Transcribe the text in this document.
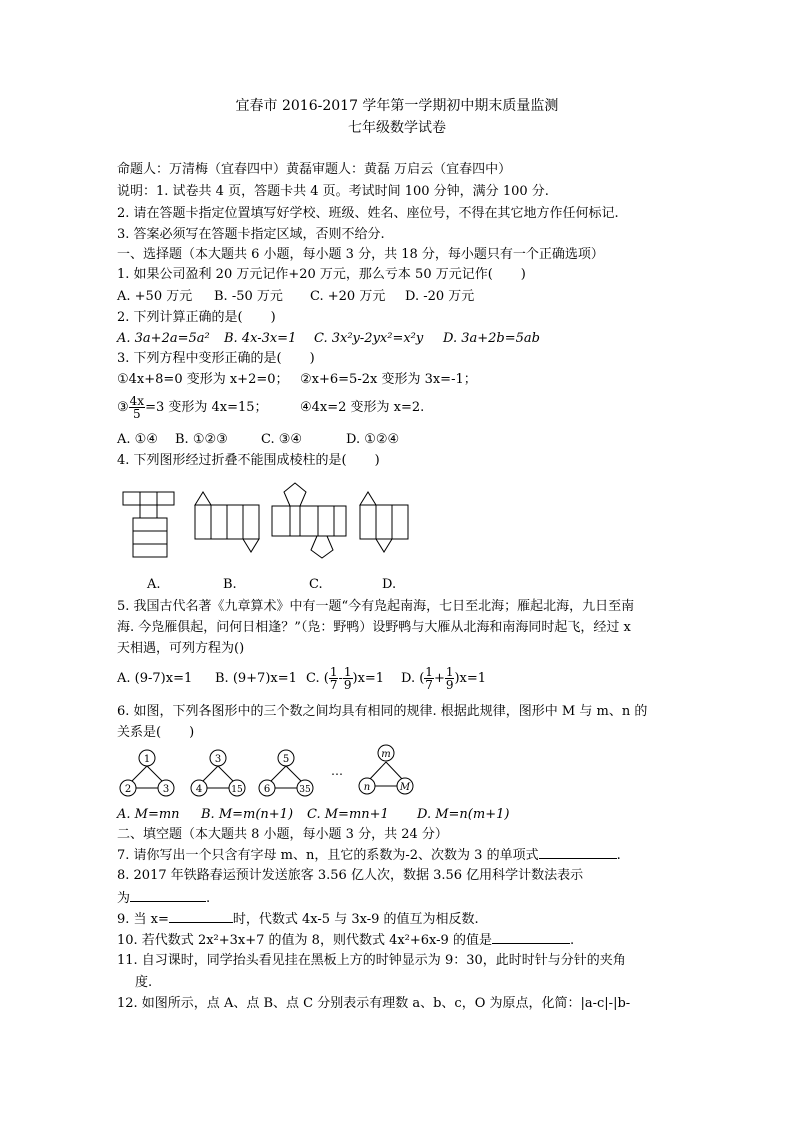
宜春市 2016-2017 学年第一学期初中期末质量监测
七年级数学试卷
命题人：万清梅（宜春四中）黄磊审题人：黄磊 万启云（宜春四中）
说明：1. 试卷共 4 页，答题卡共 4 页。考试时间 100 分钟，满分 100 分.
2. 请在答题卡指定位置填写好学校、班级、姓名、座位号，不得在其它地方作任何标记.
3. 答案必须写在答题卡指定区域，否则不给分.
一、选择题（本大题共 6 小题，每小题 3 分，共 18 分，每小题只有一个正确选项）
1. 如果公司盈利 20 万元记作+20 万元，那么亏本 50 万元记作( )
A. +50 万元 B. -50 万元 C. +20 万元 D. -20 万元
2. 下列计算正确的是( )
A. 3a+2a=5a² B. 4x-3x=1 C. 3x²y-2yx²=x²y D. 3a+2b=5ab
3. 下列方程中变形正确的是( )
①4x+8=0 变形为 x+2=0； ②x+6=5-2x 变形为 3x=-1；
③ $\frac{4x}{5} =3$ 变形为 4x=15； ④4x=2 变形为 x=2.
A. ①④ B. ①②③	C. ③④	D. ①②④
4. 下列图形经过折叠不能围成棱柱的是( )
1
2	3
3
4	15
5
6	35
…
m
n	M
A.	B.	C.	D.
5. 我国古代名著《九章算术》中有一题“今有凫起南海，七日至北海；雁起北海，九日至南
海. 今凫雁俱起，问何日相逢？”（凫：野鸭）设野鸭与大雁从北海和南海同时起飞，经过 x
天相遇，可列方程为()
A. (9-7)x=1 B. (9+7)x=1 C. ( $\frac{1}{7} - \frac{1}{9} )x=1$ D. ( $\frac{1}{7} + \frac{1}{9} )x=1$
6. 如图，下列各图形中的三个数之间均具有相同的规律. 根据此规律，图形中 M 与 m、n 的
关系是( )
A. M=mn B. M=m(n+1) C. M=mn+1 D. M=n(m+1)
二、填空题（本大题共 8 小题，每小题 3 分，共 24 分）
7. 请你写出一个只含有字母 m、n，且它的系数为-2、次数为 3 的单项式	.
8. 2017 年铁路春运预计发送旅客 3.56 亿人次，数据 3.56 亿用科学计数法表示
为	.
9. 当 x=	时，代数式 4x-5 与 3x-9 的值互为相反数.
10. 若代数式 2x²+3x+7 的值为 8，则代数式 4x²+6x-9 的值是	.
11. 自习课时，同学抬头看见挂在黑板上方的时钟显示为 9：30，此时时针与分针的夹角
度.
12. 如图所示，点 A、点 B、点 C 分别表示有理数 a、b、c，O 为原点，化简：|a-c|-|b-
